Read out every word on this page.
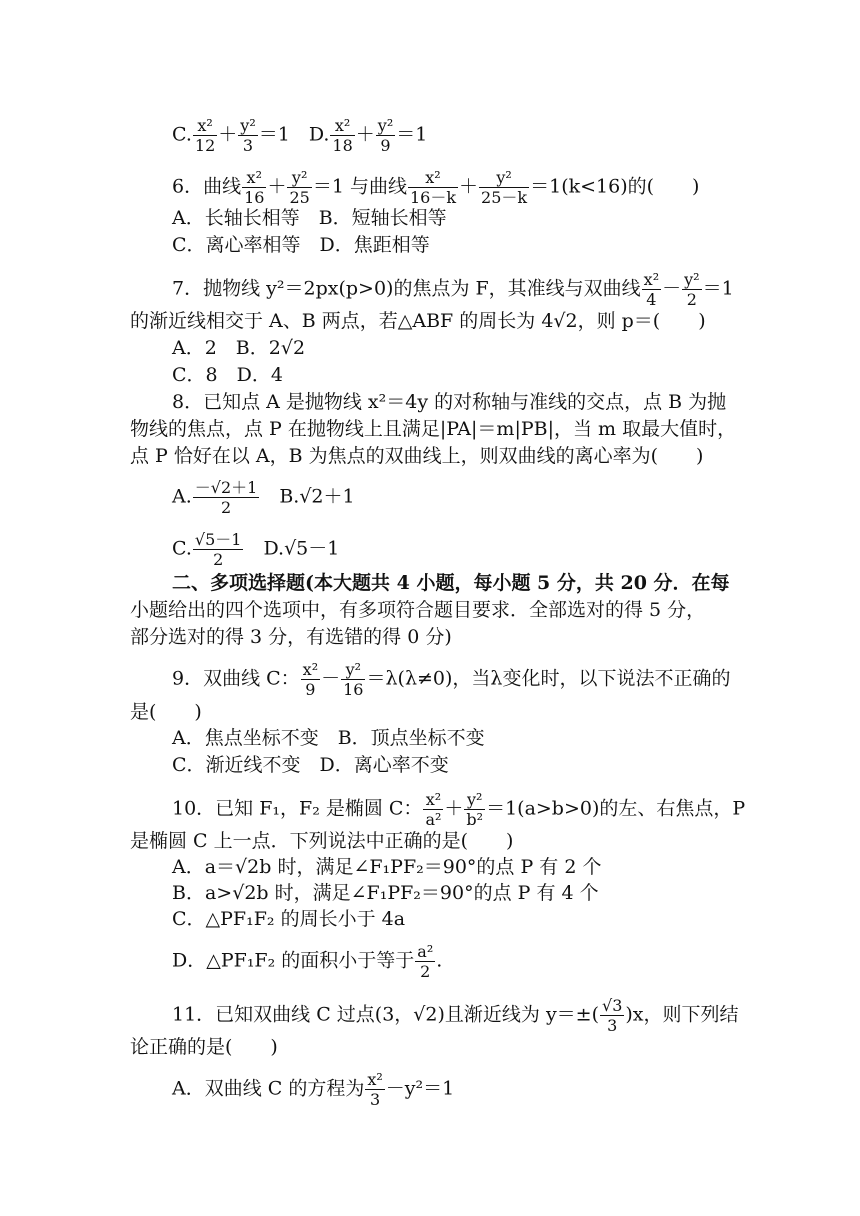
C. $\frac{\text{x²}}{12} + \frac{\text{y²}}{3} =1$　D. $\frac{\text{x²}}{18} + \frac{\text{y²}}{9} =1$
6．曲线 $\frac{\text{x²}}{16} + \frac{\text{y²}}{25} =1$ 与曲线 $\frac{\text{x²}}{16-k} + \frac{\text{y²}}{25-k} =1(k<16)$的(　　)
A．长轴长相等　B．短轴长相等
C．离心率相等　D．焦距相等
7．抛物线 y²＝2px(p>0)的焦点为 F，其准线与双曲线 $\frac{\text{x²}}{4} - \frac{\text{y²}}{2} =1$
的渐近线相交于 A、B 两点，若△ABF 的周长为 4√2，则 p＝(　　)
A．2　B．2√2
C．8　D．4
8．已知点 A 是抛物线 x²＝4y 的对称轴与准线的交点，点 B 为抛
物线的焦点，点 P 在抛物线上且满足|PA|＝m|PB|，当 m 取最大值时，
点 P 恰好在以 A，B 为焦点的双曲线上，则双曲线的离心率为(　　)
A. $\frac{-√2+1}{2}$ 　B.√2＋1
C. $\frac{√5-1}{2}$ 　D.√5－1
二、多项选择题(本大题共 4 小题，每小题 5 分，共 20 分．在每
小题给出的四个选项中，有多项符合题目要求．全部选对的得 5 分，
部分选对的得 3 分，有选错的得 0 分)
9．双曲线 C： $\frac{\text{x²}}{9} - \frac{\text{y²}}{16} =\lambda(\lambda\ne 0)$，当λ变化时，以下说法不正确的
是(　　)
A．焦点坐标不变　B．顶点坐标不变
C．渐近线不变　D．离心率不变
10．已知 F₁，F₂ 是椭圆 C： $\frac{\text{x²}}{\text{a²}} + \frac{\text{y²}}{\text{b²}} =1(a>b>0)$的左、右焦点，P
是椭圆 C 上一点．下列说法中正确的是(　　)
A．a＝√2b 时，满足∠F₁PF₂＝90°的点 P 有 2 个
B．a>√2b 时，满足∠F₁PF₂＝90°的点 P 有 4 个
C．△PF₁F₂ 的周长小于 4a
D．△PF₁F₂ 的面积小于等于 $\frac{\text{a²}}{2}$ .
11．已知双曲线 C 过点(3，√2)且渐近线为 $y=\pm( \frac{√3}{3} )x$，则下列结
论正确的是(　　)
A．双曲线 C 的方程为 $\frac{\text{x²}}{3} -y^2=1$
